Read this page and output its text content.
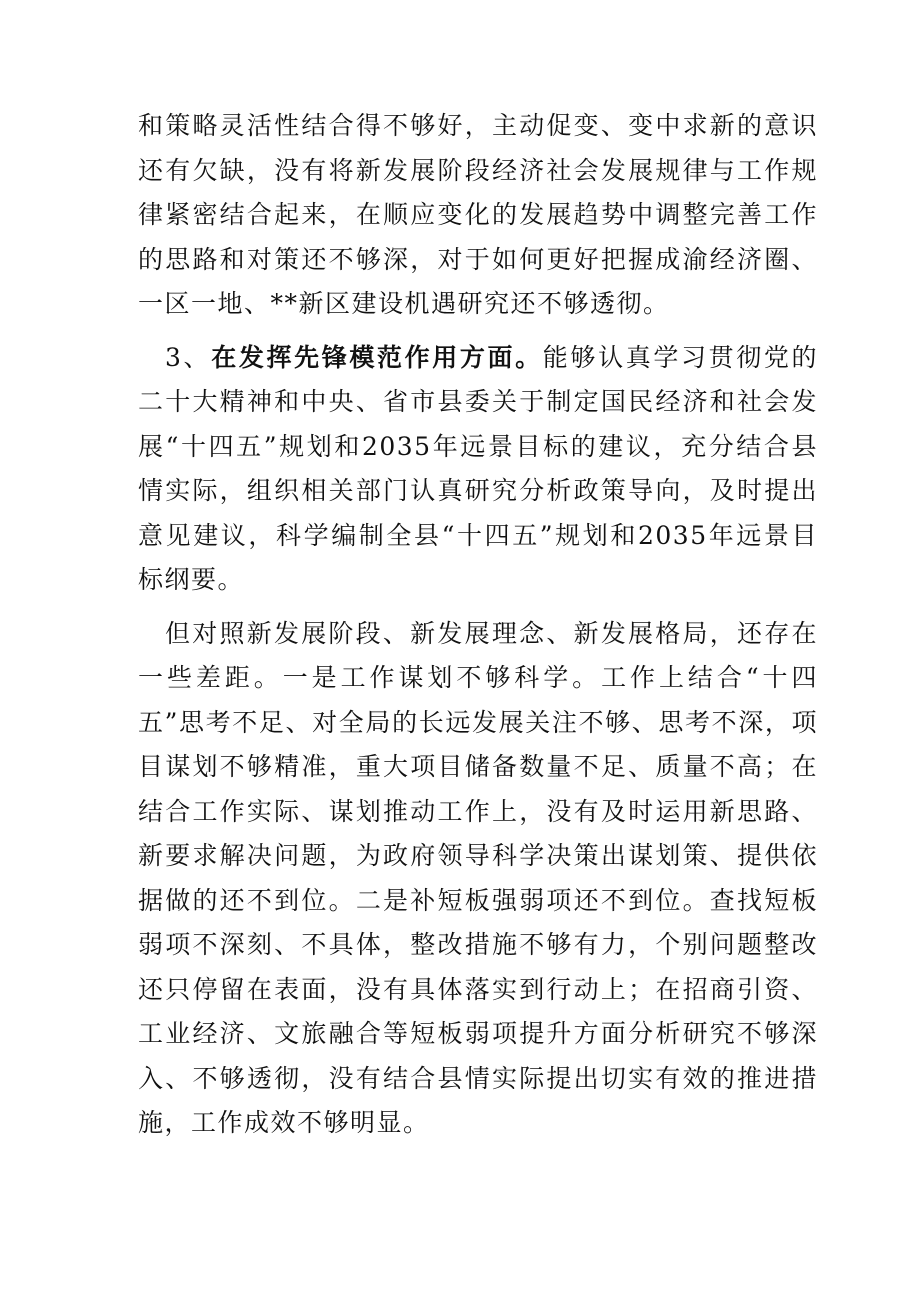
和策略灵活性结合得不够好，主动促变、变中求新的意识还有欠缺，没有将新发展阶段经济社会发展规律与工作规律紧密结合起来，在顺应变化的发展趋势中调整完善工作的思路和对策还不够深，对于如何更好把握成渝经济圈、一区一地、**新区建设机遇研究还不够透彻。

3、在发挥先锋模范作用方面。能够认真学习贯彻党的二十大精神和中央、省市县委关于制定国民经济和社会发展“十四五”规划和2035年远景目标的建议，充分结合县情实际，组织相关部门认真研究分析政策导向，及时提出意见建议，科学编制全县“十四五”规划和2035年远景目标纲要。

但对照新发展阶段、新发展理念、新发展格局，还存在一些差距。一是工作谋划不够科学。工作上结合“十四五”思考不足、对全局的长远发展关注不够、思考不深，项目谋划不够精准，重大项目储备数量不足、质量不高；在结合工作实际、谋划推动工作上，没有及时运用新思路、新要求解决问题，为政府领导科学决策出谋划策、提供依据做的还不到位。二是补短板强弱项还不到位。查找短板弱项不深刻、不具体，整改措施不够有力，个别问题整改还只停留在表面，没有具体落实到行动上；在招商引资、工业经济、文旅融合等短板弱项提升方面分析研究不够深入、不够透彻，没有结合县情实际提出切实有效的推进措施，工作成效不够明显。
